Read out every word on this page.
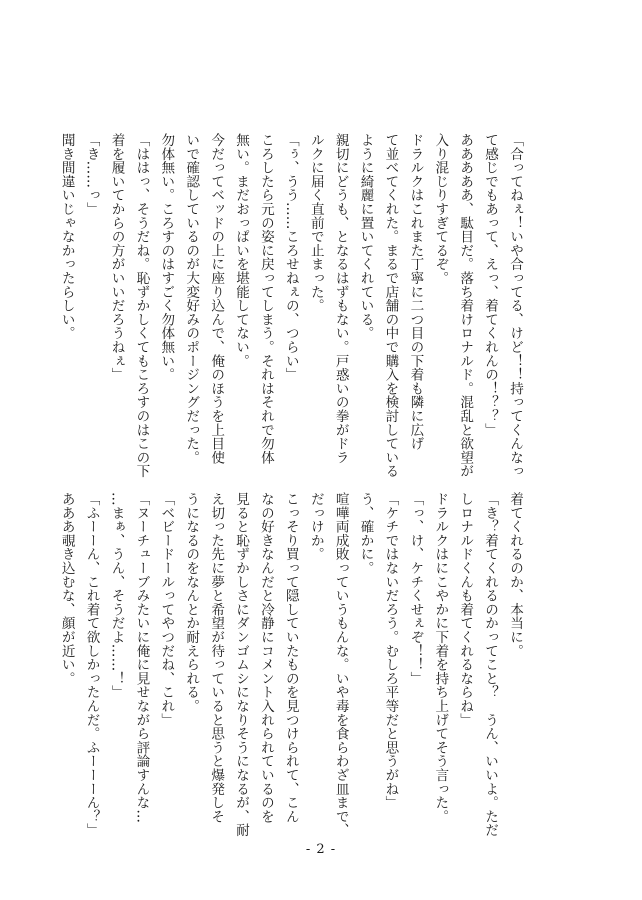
「合ってねぇ！いや合ってる、けど！！持ってくんなっ
て感じでもあって、えっ、着てくれんの！？？」
あああああ、駄目だ。落ち着けロナルド。混乱と欲望が
入り混じりすぎてるぞ。
ドラルクはこれまた丁寧に二つ目の下着も隣に広げ
て並べてくれた。まるで店舗の中で購入を検討している
ように綺麗に置いてくれている。
親切にどうも、となるはずもない。戸惑いの拳がドラ
ルクに届く直前で止まった。
「ぅ、うう……ころせねぇの、つらい」
ころしたら元の姿に戻ってしまう。それはそれで勿体
無い。まだおっぱいを堪能してない。
今だってベッドの上に座り込んで、俺のほうを上目使
いで確認しているのが大変好みのポージングだった。
勿体無い。ころすのはすごく勿体無い。
「ははっ、そうだね。恥ずかしくてもころすのはこの下
着を履いてからの方がいいだろうねぇ」
「き……っ」
聞き間違いじゃなかったらしい。
着てくれるのか、本当に。
「き？着てくれるのかってこと？　うん、いいよ。ただ
しロナルドくんも着てくれるならね」
ドラルクはにこやかに下着を持ち上げてそう言った。
「っ、け、ケチくせぇぞ！！」
「ケチではないだろう。むしろ平等だと思うがね」
う、確かに。
喧嘩両成敗っていうもんな。いや毒を食らわざ皿まで、
だっけか。
こっそり買って隠していたものを見つけられて、こん
なの好きなんだと冷静にコメント入れられているのを
見ると恥ずかしさにダンゴムシになりそうになるが、耐
え切った先に夢と希望が待っていると思うと爆発しそ
うになるのをなんとか耐えられる。
「ベビードールってやつだね、これ」
「ヌーチューブみたいに俺に見せながら評論すんな…
…まぁ、うん、そうだよ……！」
「ふーーん、これ着て欲しかったんだ。ふーーーん？」
あああ覗き込むな、顔が近い。
- 2 -
